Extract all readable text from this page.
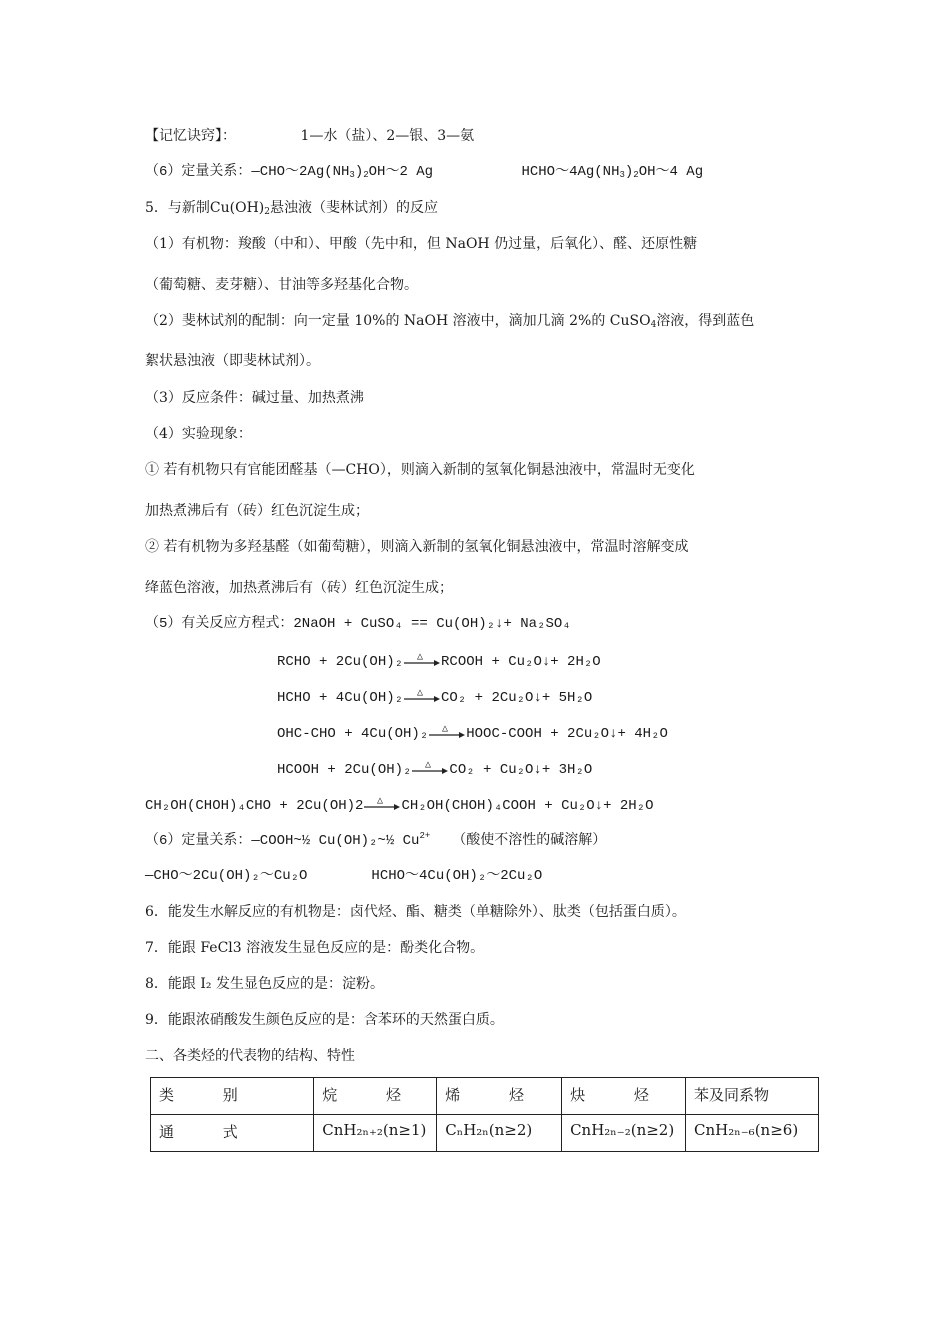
【记忆诀窍】：	1—水（盐）、2—银、3—氨
（6）定量关系：$—CHO\sim 2Ag(NH_3)_2OH\sim 2$ Ag	$HCHO\sim 4Ag(NH_3)_2OH\sim 4$ Ag
5．与新制$Cu(OH)_2$悬浊液（斐林试剂）的反应
（1）有机物：羧酸（中和）、甲酸（先中和，但 NaOH 仍过量，后氧化）、醛、还原性糖
（葡萄糖、麦芽糖）、甘油等多羟基化合物。
（2）斐林试剂的配制：向一定量 10%的 NaOH 溶液中，滴加几滴 2%的 CuSO$_4$溶液，得到蓝色
絮状悬浊液（即斐林试剂）。
（3）反应条件：碱过量、加热煮沸
（4）实验现象：
① 若有机物只有官能团醛基（—CHO），则滴入新制的氢氧化铜悬浊液中，常温时无变化
加热煮沸后有（砖）红色沉淀生成；
② 若有机物为多羟基醛（如葡萄糖），则滴入新制的氢氧化铜悬浊液中，常温时溶解变成
绛蓝色溶液，加热煮沸后有（砖）红色沉淀生成；
（5）有关反应方程式：2NaOH + CuSO₄ == Cu(OH)₂↓+ Na₂SO₄
RCHO + 2Cu(OH)₂ △ RCOOH + Cu₂O↓+ 2H₂O
HCHO + 4Cu(OH)₂ △ CO₂ + 2Cu₂O↓+ 5H₂O
OHC-CHO + 4Cu(OH)₂ △ HOOC-COOH + 2Cu₂O↓+ 4H₂O
HCOOH + 2Cu(OH)₂ △ CO₂ + Cu₂O↓+ 3H₂O
CH₂OH(CHOH)₄CHO + 2Cu(OH)2 △ CH₂OH(CHOH)₄COOH + Cu₂O↓+ 2H₂O
（6）定量关系：—COOH~½ Cu(OH)₂~½ $Cu^{2+}$ （酸使不溶性的碱溶解）
—CHO～2Cu(OH)₂～Cu₂O	HCHO～4Cu(OH)₂～2Cu₂O
6．能发生水解反应的有机物是：卤代烃、酯、糖类（单糖除外）、肽类（包括蛋白质）。
7．能跟 FeCl3 溶液发生显色反应的是：酚类化合物。
8．能跟 I₂ 发生显色反应的是：淀粉。
9．能跟浓硝酸发生颜色反应的是：含苯环的天然蛋白质。
二、各类烃的代表物的结构、特性
类 别	烷 烃	烯 烃	炔 烃	苯及同系物
通 式	CnH₂ₙ₊₂(n≥1)	CₙH₂ₙ(n≥2)	CnH₂ₙ₋₂(n≥2)	CnH₂ₙ₋₆(n≥6)
